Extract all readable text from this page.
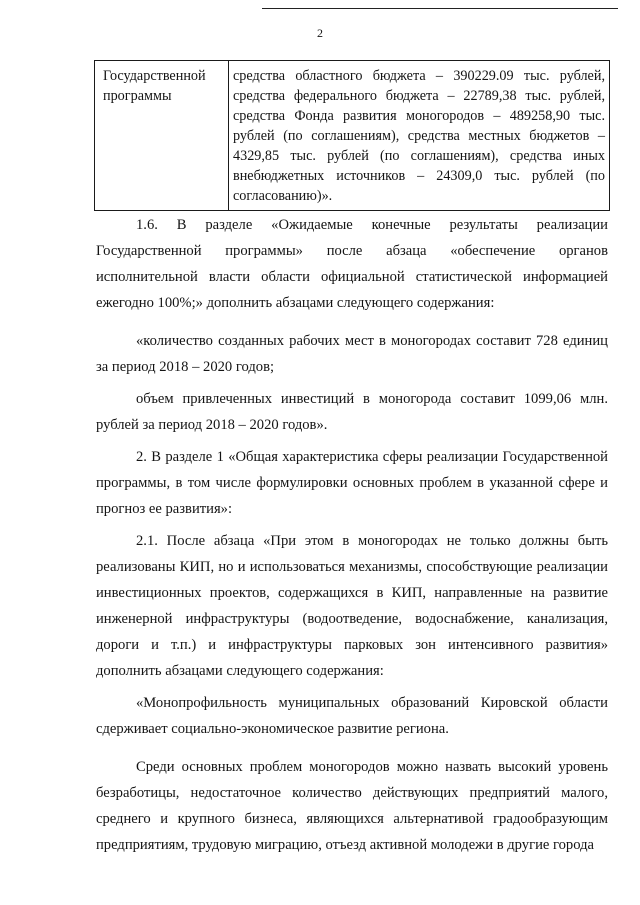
2
Государственной программы	средства областного бюджета – 390229.09 тыс. рублей, средства федерального бюджета – 22789,38 тыс. рублей, средства Фонда развития моногородов – 489258,90 тыс. рублей (по соглашениям), средства местных бюджетов – 4329,85 тыс. рублей (по соглашениям), средства иных внебюджетных источников – 24309,0 тыс. рублей (по согласованию)».

1.6. В разделе «Ожидаемые конечные результаты реализации Государственной программы» после абзаца «обеспечение органов исполнительной власти области официальной статистической информацией ежегодно 100%;» дополнить абзацами следующего содержания:

«количество созданных рабочих мест в моногородах составит 728 единиц за период 2018 – 2020 годов;

объем привлеченных инвестиций в моногорода составит 1099,06 млн. рублей за период 2018 – 2020 годов».

2. В разделе 1 «Общая характеристика сферы реализации Государственной программы, в том числе формулировки основных проблем в указанной сфере и прогноз ее развития»:

2.1. После абзаца «При этом в моногородах не только должны быть реализованы КИП, но и использоваться механизмы, способствующие реализации инвестиционных проектов, содержащихся в КИП, направленные на развитие инженерной инфраструктуры (водоотведение, водоснабжение, канализация, дороги и т.п.) и инфраструктуры парковых зон интенсивного развития» дополнить абзацами следующего содержания:

«Монопрофильность муниципальных образований Кировской области сдерживает социально-экономическое развитие региона.

Среди основных проблем моногородов можно назвать высокий уровень безработицы, недостаточное количество действующих предприятий малого, среднего и крупного бизнеса, являющихся альтернативой градообразующим предприятиям, трудовую миграцию, отъезд активной молодежи в другие города
